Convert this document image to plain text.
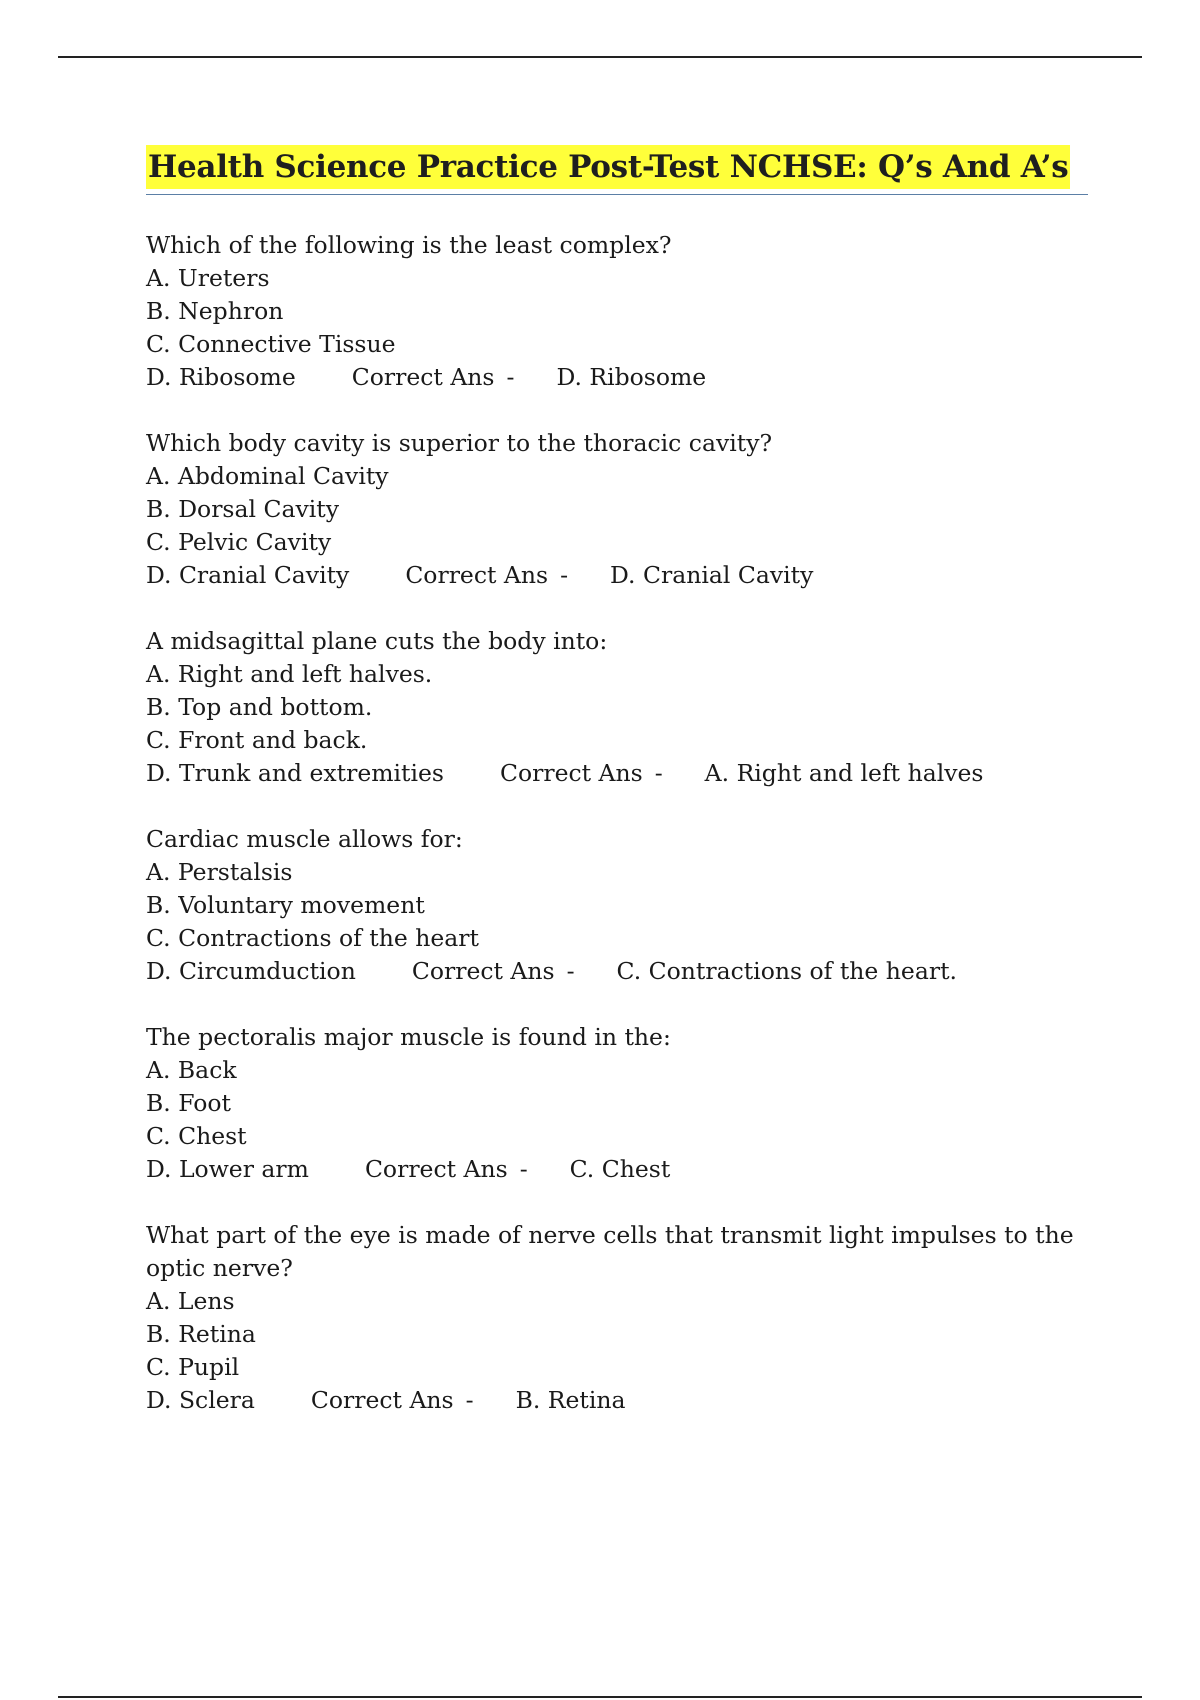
Health Science Practice Post-Test NCHSE: Q’s And A’s
Which of the following is the least complex?
A. Ureters
B. Nephron
C. Connective Tissue
D. Ribosome Correct Ans - D. Ribosome
Which body cavity is superior to the thoracic cavity?
A. Abdominal Cavity
B. Dorsal Cavity
C. Pelvic Cavity
D. Cranial Cavity Correct Ans - D. Cranial Cavity
A midsagittal plane cuts the body into:
A. Right and left halves.
B. Top and bottom.
C. Front and back.
D. Trunk and extremities Correct Ans - A. Right and left halves
Cardiac muscle allows for:
A. Perstalsis
B. Voluntary movement
C. Contractions of the heart
D. Circumduction Correct Ans - C. Contractions of the heart.
The pectoralis major muscle is found in the:
A. Back
B. Foot
C. Chest
D. Lower arm Correct Ans - C. Chest
What part of the eye is made of nerve cells that transmit light impulses to the optic nerve?
A. Lens
B. Retina
C. Pupil
D. Sclera Correct Ans - B. Retina
